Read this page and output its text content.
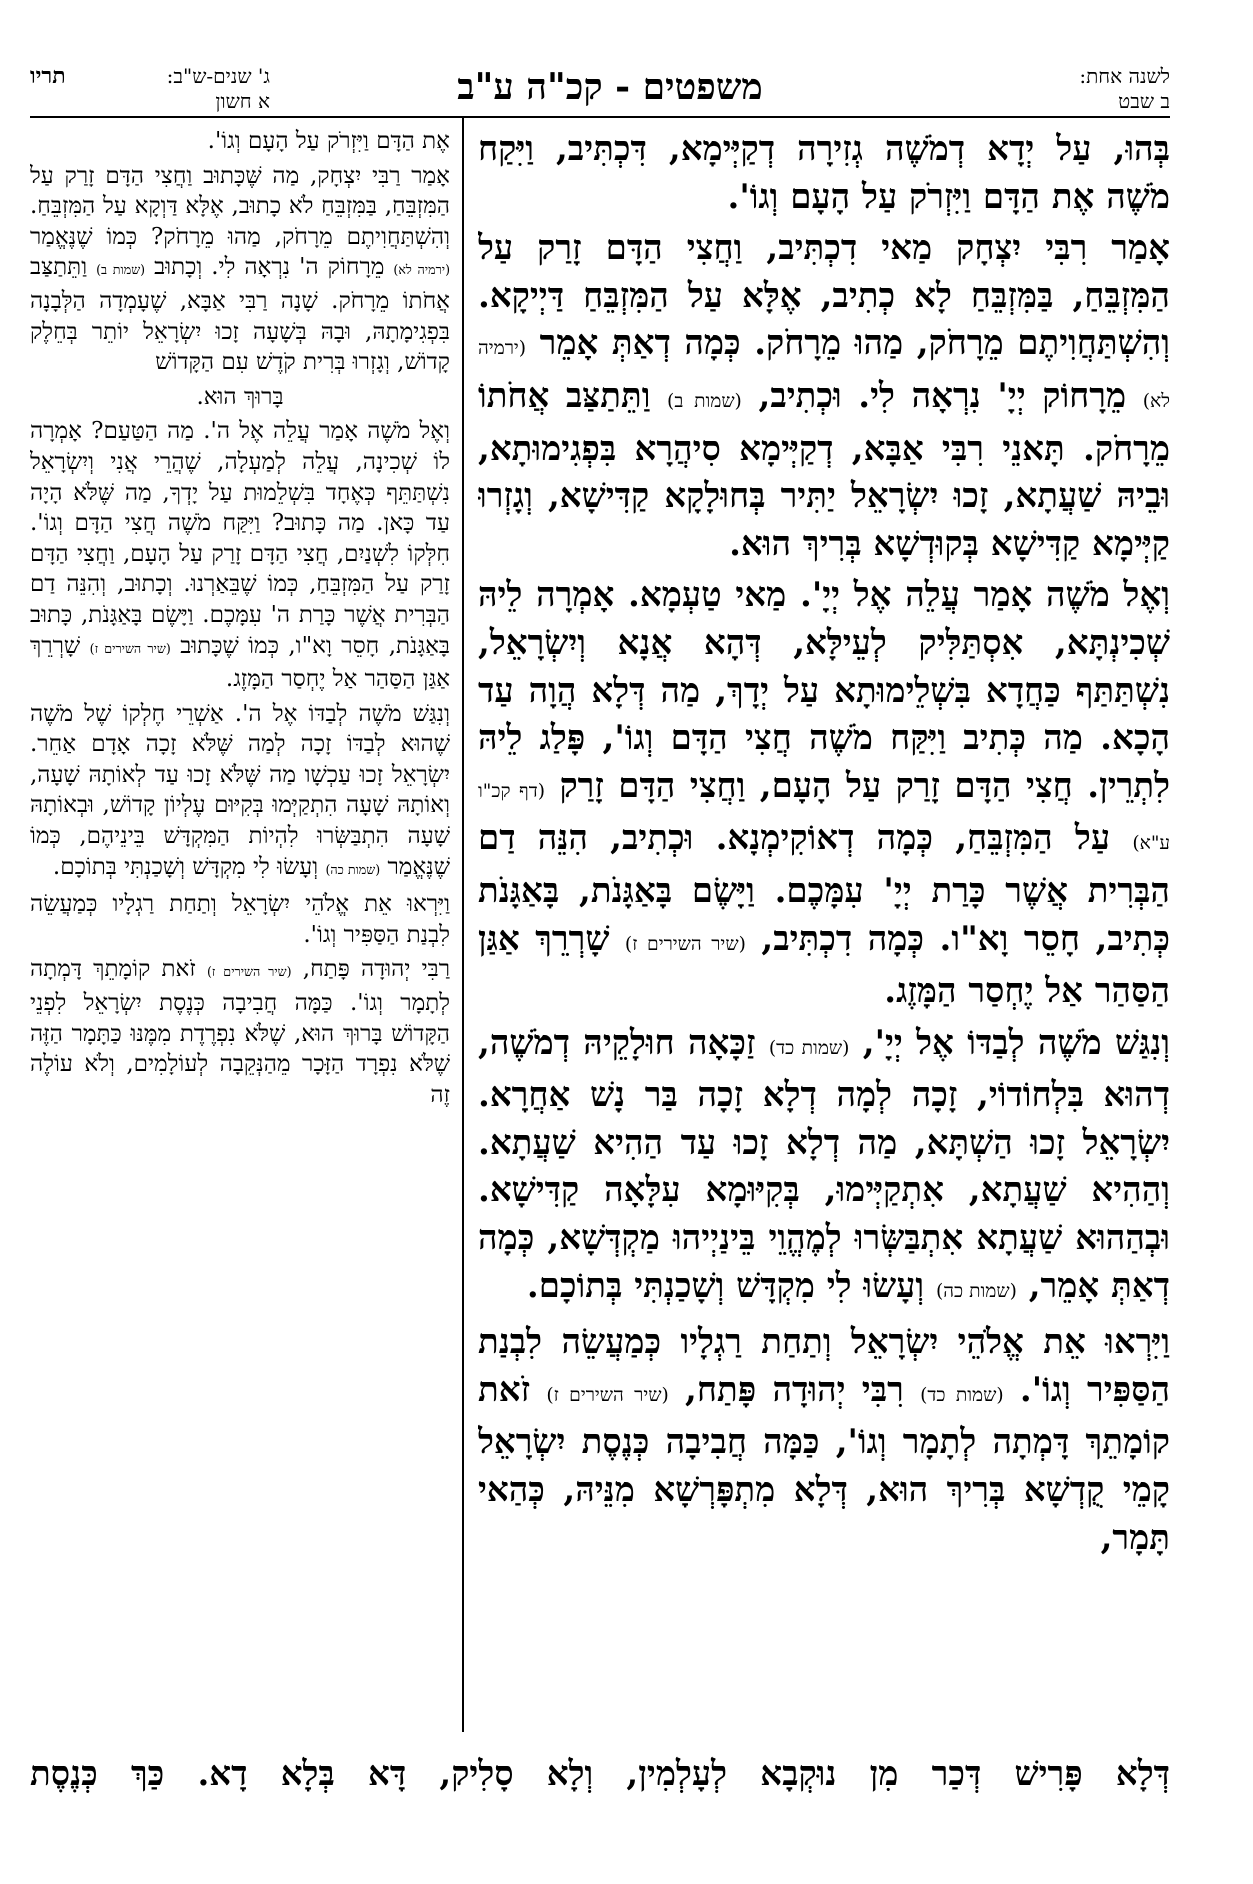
לשנה אחת:
ב שבט
משפטים - קכ"ה ע"ב
ג' שנים-ש"ב:
תריו
א חשון

בְּהוּ, עַל יְדָא דְמֹשֶׁה גְזִירָה דְקַיְּימָא, דִּכְתִּיב, וַיִּקַח מֹשֶׁה אֶת הַדָּם וַיִּזְרֹק עַל הָעָם וְגוֹ'.

אָמַר רִבִּי יִצְחָק מַאי דִכְתִּיב, וַחֲצִי הַדָּם זָרַק עַל הַמִּזְבֵּחַ, בַּמִּזְבֵּחַ לָא כְתִיב, אֶלָּא עַל הַמִּזְבֵּחַ דַּיְיקָא. וְהִשְׁתַּחֲוִיתֶם מֵרָחֹק, מַהוּ מֵרָחֹק. כְּמָה דְאַתְּ אָמֵר (ירמיה לא) מֵרָחוֹק יְיָ' נִרְאָה לִי. וּכְתִיב, (שמות ב) וַתֵּתַצַּב אֲחֹתוֹ מֵרָחֹק. תָּאנֵי רִבִּי אַבָּא, דְקַיְּימָא סִיהֲרָא בִּפְגִימוּתָא, וּבֵיהּ שַׁעֲתָא, זָכוּ יִשְׂרָאֵל יַתִּיר בְּחוּלָקָא קַדִּישָׁא, וְגָזְרוּ קַיְּימָא קַדִּישָׁא בְּקוּדְשָׁא בְּרִיךְ הוּא.

וְאֶל מֹשֶׁה אָמַר עֲלֵה אֶל יְיָ'. מַאי טַעְמָא. אָמְרָה לֵיהּ שְׁכִינְתָּא, אִסְתַּלִּיק לְעֵילָּא, דְּהָא אֲנָא וְיִשְׂרָאֵל, נִשְׁתַּתַּף כַּחֲדָא בִּשְׁלֵימוּתָא עַל יְדָךְ, מַה דְּלָא הֲוָה עַד הָכָא. מַה כְּתִיב וַיִּקַּח מֹשֶׁה חֲצִי הַדָּם וְגוֹ', פָּלַג לֵיהּ לִתְרֵין. חֲצִי הַדָּם זָרַק עַל הָעָם, וַחֲצִי הַדָּם זָרַק (דף קכ"ו ע"א) עַל הַמִּזְבֵּחַ, כְּמָה דְאוֹקִימְנָא. וּכְתִיב, הִנֵּה דַם הַבְּרִית אֲשֶׁר כָּרַת יְיָ' עִמָּכֶם. וַיָּשֶׂם בָּאַגָּנֹת, בָּאַגָּנֹת כְּתִיב, חָסֵר וָא"ו. כְּמָה דִכְתִּיב, (שיר השירים ז) שָׁרְרֵךְ אַגַּן הַסַּהַר אַל יֶחְסַר הַמָּזֶג.

וְנִגַּשׁ מֹשֶׁה לְבַדּוֹ אֶל יְיָ', (שמות כד) זַכָּאָה חוּלָקֵיהּ דְמֹשֶׁה, דְהוּא בִּלְחוֹדוֹי, זָכָה לְמָה דְלָא זָכָה בַּר נָשׁ אַחֲרָא. יִשְׂרָאֵל זָכוּ הַשְׁתָּא, מַה דְלָא זָכוּ עַד הַהִיא שַׁעֲתָא. וְהַהִיא שַׁעֲתָא, אִתְקַיְּימוּ, בְּקִיּוּמָא עִלָּאָה קַדִּישָׁא. וּבְהַהוּא שַׁעֲתָא אִתְבַּשְּׂרוּ לְמֶהֱוֵי בֵּינַיְיהוּ מַקְדְּשָׁא, כְּמָה דְאַתְּ אָמֵר, (שמות כה) וְעָשׂוּ לִי מִקְדָּשׁ וְשָׁכַנְתִּי בְּתוֹכָם.

וַיִּרְאוּ אֵת אֱלֹהֵי יִשְׂרָאֵל וְתַחַת רַגְלָיו כְּמַעֲשֵׂה לִבְנַת הַסַּפִּיר וְגוֹ'. (שמות כד) רִבִּי יְהוּדָה פָּתַח, (שיר השירים ז) זֹאת קוֹמָתֵךְ דָּמְתָה לְתָמָר וְגוֹ', כַּמָּה חֲבִיבָה כְּנֶסֶת יִשְׂרָאֵל קָמֵי קֻדְשָׁא בְּרִיךְ הוּא, דְּלָא מִתְפָּרְשָׁא מִנֵּיהּ, כְּהַאי תָּמָר,

אֶת הַדָּם וַיִּזְרֹק עַל הָעָם וְגוֹ'.

אָמַר רַבִּי יִצְחָק, מַה שֶּׁכָּתוּב וַחֲצִי הַדָּם זָרַק עַל הַמִּזְבֵּחַ, בַּמִּזְבֵּחַ לֹא כָתוּב, אֶלָּא דַּוְקָא עַל הַמִּזְבֵּחַ. וְהִשְׁתַּחֲוִיתֶם מֵרָחֹק, מַהוּ מֵרָחֹק? כְּמוֹ שֶׁנֶּאֱמַר (ירמיה לא) מֵרָחוֹק ה' נִרְאָה לִי. וְכָתוּב (שמות ב) וַתֵּתַצַּב אֲחֹתוֹ מֵרָחֹק. שָׁנָה רַבִּי אַבָּא, שֶׁעָמְדָה הַלְּבָנָה בִּפְגִימָתָהּ, וּבָהּ בְּשָׁעָה זָכוּ יִשְׂרָאֵל יוֹתֵר בְּחֵלֶק קָדוֹשׁ, וְגָזְרוּ בְּרִית קֹדֶשׁ עִם הַקָּדוֹשׁ

בָּרוּךְ הוּא.

וְאֶל מֹשֶׁה אָמַר עֲלֵה אֶל ה'. מַה הַטַּעַם? אָמְרָה לוֹ שְׁכִינָה, עֲלֵה לְמַעְלָה, שֶׁהֲרֵי אֲנִי וְיִשְׂרָאֵל נִשְׁתַּתֵּף כְּאֶחָד בִּשְׁלֵמוּת עַל יָדְךָ, מַה שֶּׁלֹּא הָיָה עַד כָּאן. מַה כָּתוּב? וַיִּקַּח מֹשֶׁה חֲצִי הַדָּם וְגוֹ'. חִלְּקוֹ לִשְׁנַיִם, חֲצִי הַדָּם זָרַק עַל הָעָם, וַחֲצִי הַדָּם זָרַק עַל הַמִּזְבֵּחַ, כְּמוֹ שֶׁבֵּאַרְנוּ. וְכָתוּב, וְהִנֵּה דַם הַבְּרִית אֲשֶׁר כָּרַת ה' עִמָּכֶם. וַיָּשֶׂם בָּאַגָּנֹת, כָּתוּב בָּאַגָּנֹת, חָסֵר וָא"ו, כְּמוֹ שֶׁכָּתוּב (שיר השירים ז) שָׁרְרֵךְ אַגַּן הַסַּהַר אַל יֶחְסַר הַמָּזֶג.

וְנִגַּשׁ מֹשֶׁה לְבַדּוֹ אֶל ה'. אַשְׁרֵי חֶלְקוֹ שֶׁל מֹשֶׁה שֶׁהוּא לְבַדּוֹ זָכָה לְמַה שֶּׁלֹּא זָכָה אָדָם אַחֵר. יִשְׂרָאֵל זָכוּ עַכְשָׁו מַה שֶּׁלֹּא זָכוּ עַד לְאוֹתָהּ שָׁעָה, וְאוֹתָהּ שָׁעָה הִתְקַיְּמוּ בְּקִיּוּם עֶלְיוֹן קָדוֹשׁ, וּבְאוֹתָהּ שָׁעָה הִתְבַּשְּׂרוּ לִהְיוֹת הַמִּקְדָּשׁ בֵּינֵיהֶם, כְּמוֹ שֶׁנֶּאֱמַר (שמות כה) וְעָשׂוּ לִי מִקְדָּשׁ וְשָׁכַנְתִּי בְּתוֹכָם.

וַיִּרְאוּ אֵת אֱלֹהֵי יִשְׂרָאֵל וְתַחַת רַגְלָיו כְּמַעֲשֵׂה לִבְנַת הַסַּפִּיר וְגוֹ'.

רַבִּי יְהוּדָה פָּתַח, (שיר השירים ז) זֹאת קוֹמָתֵךְ דָּמְתָה לְתָמָר וְגוֹ'. כַּמָּה חֲבִיבָה כְּנֶסֶת יִשְׂרָאֵל לִפְנֵי הַקָּדוֹשׁ בָּרוּךְ הוּא, שֶׁלֹּא נִפְרֶדֶת מִמֶּנּוּ כַּתָּמָר הַזֶּה שֶׁלֹּא נִפְרָד הַזָּכָר מֵהַנְּקֵבָה לְעוֹלָמִים, וְלֹא עוֹלֶה זֶה

דְּלָא פָּרִישׁ דְּכַר מִן נוּקְבָא לְעָלְמִין, וְלָא סָלִיק, דָּא בְּלָא דָא. כַּךְ כְּנֶסֶת
